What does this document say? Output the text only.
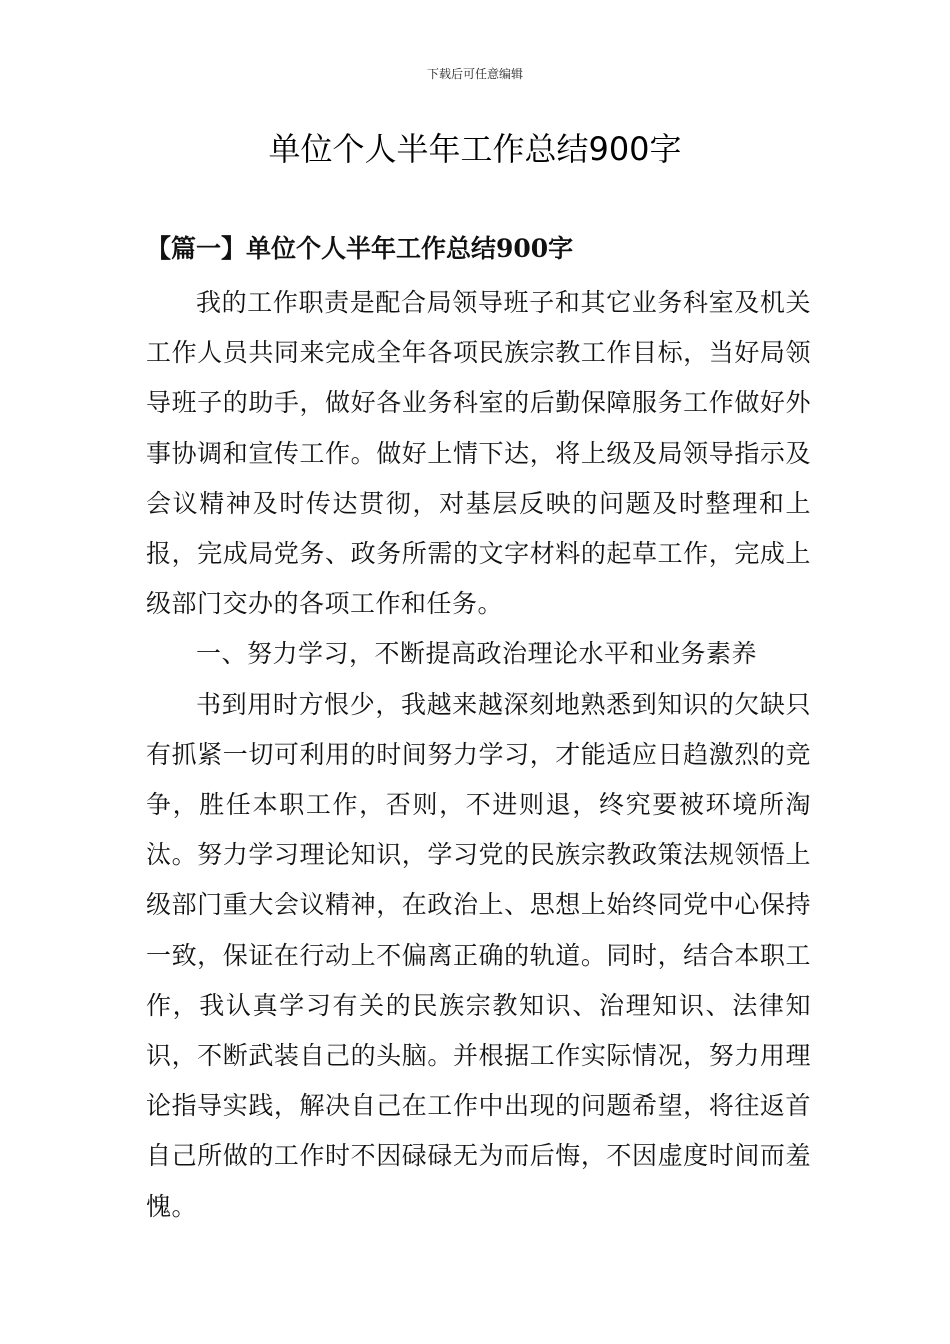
下载后可任意编辑
单位个人半年工作总结900字
【篇一】单位个人半年工作总结900字

我的工作职责是配合局领导班子和其它业务科室及机关工作人员共同来完成全年各项民族宗教工作目标，当好局领导班子的助手，做好各业务科室的后勤保障服务工作做好外事协调和宣传工作。做好上情下达，将上级及局领导指示及会议精神及时传达贯彻，对基层反映的问题及时整理和上报，完成局党务、政务所需的文字材料的起草工作，完成上级部门交办的各项工作和任务。

一、努力学习，不断提高政治理论水平和业务素养

书到用时方恨少，我越来越深刻地熟悉到知识的欠缺只有抓紧一切可利用的时间努力学习，才能适应日趋激烈的竞争，胜任本职工作，否则，不进则退，终究要被环境所淘汰。努力学习理论知识，学习党的民族宗教政策法规领悟上级部门重大会议精神，在政治上、思想上始终同党中心保持一致，保证在行动上不偏离正确的轨道。同时，结合本职工作，我认真学习有关的民族宗教知识、治理知识、法律知识，不断武装自己的头脑。并根据工作实际情况，努力用理论指导实践，解决自己在工作中出现的问题希望，将往返首自己所做的工作时不因碌碌无为而后悔，不因虚度时间而羞愧。
